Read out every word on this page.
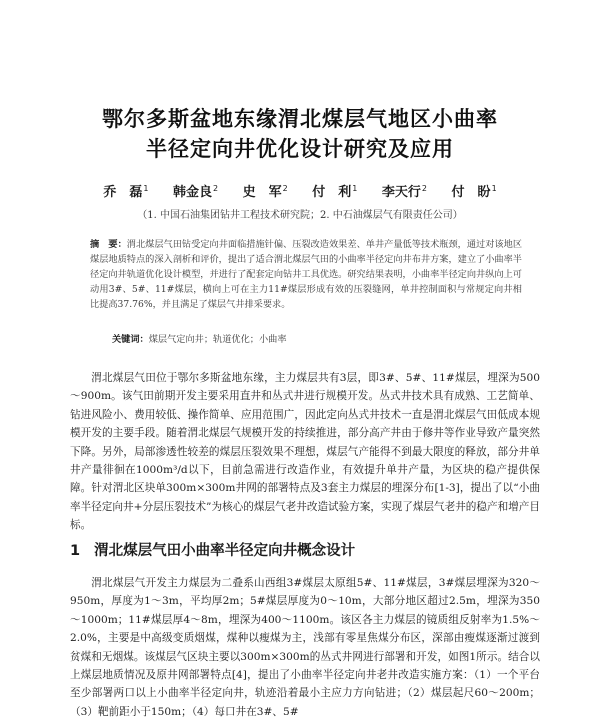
鄂尔多斯盆地东缘渭北煤层气地区小曲率
半径定向井优化设计研究及应用
乔　磊$^1$ 韩金良$^2$ 史　军$^2$ 付　利$^1$ 李天行$^2$ 付　盼$^1$
（1. 中国石油集团钻井工程技术研究院；2. 中石油煤层气有限责任公司）
摘　要：渭北煤层气田钻受定向井面临措施针偏、压裂改造效果差、单井产量低等技术瓶颈，通过对该地区煤层地质特点的深入剖析和评价，提出了适合渭北煤层气田的小曲率半径定向井布井方案，建立了小曲率半径定向井轨道优化设计模型，并进行了配套定向钻井工具优选。研究结果表明，小曲率半径定向井纵向上可动用3#、5#、11#煤层，横向上可在主力11#煤层形成有效的压裂缝网，单井控制面积与常规定向井相比提高37.76%，并且满足了煤层气井排采要求。
关键词：煤层气定向井；轨道优化；小曲率

渭北煤层气田位于鄂尔多斯盆地东缘，主力煤层共有3层，即3#、5#、11#煤层，埋深为500～900m。该气田前期开发主要采用直井和丛式井进行规模开发。丛式井技术具有成熟、工艺简单、钻进风险小、费用较低、操作简单、应用范围广，因此定向丛式井技术一直是渭北煤层气田低成本规模开发的主要手段。随着渭北煤层气规模开发的持续推进，部分高产井由于修井等作业导致产量突然下降。另外，局部渗透性较差的煤层压裂效果不理想，煤层气产能得不到最大限度的释放，部分井单井产量徘徊在1000m³/d以下，目前急需进行改造作业，有效提升单井产量，为区块的稳产提供保障。针对渭北区块单300m×300m井网的部署特点及3套主力煤层的埋深分布[1-3]，提出了以“小曲率半径定向井+分层压裂技术”为核心的煤层气老井改造试验方案，实现了煤层气老井的稳产和增产目标。

1 渭北煤层气田小曲率半径定向井概念设计

渭北煤层气开发主力煤层为二叠系山西组3#煤层太原组5#、11#煤层，3#煤层埋深为320～950m，厚度为1～3m，平均厚2m；5#煤层厚度为0～10m，大部分地区超过2.5m，埋深为350～1000m；11#煤层厚4～8m，埋深为400～1100m。该区各主力煤层的镜质组反射率为1.5%～2.0%，主要是中高级变质烟煤，煤种以瘦煤为主，浅部有零星焦煤分布区，深部由瘦煤逐渐过渡到贫煤和无烟煤。该煤层气区块主要以300m×300m的丛式井网进行部署和开发，如图1所示。结合以上煤层地质情况及原井网部署特点[4]，提出了小曲率半径定向井老井改造实施方案：（1）一个平台至少部署两口以上小曲率半径定向井，轨迹沿着最小主应力方向钻进；（2）煤层起尺60～200m；（3）靶前距小于150m；（4）每口井在3#、5#
